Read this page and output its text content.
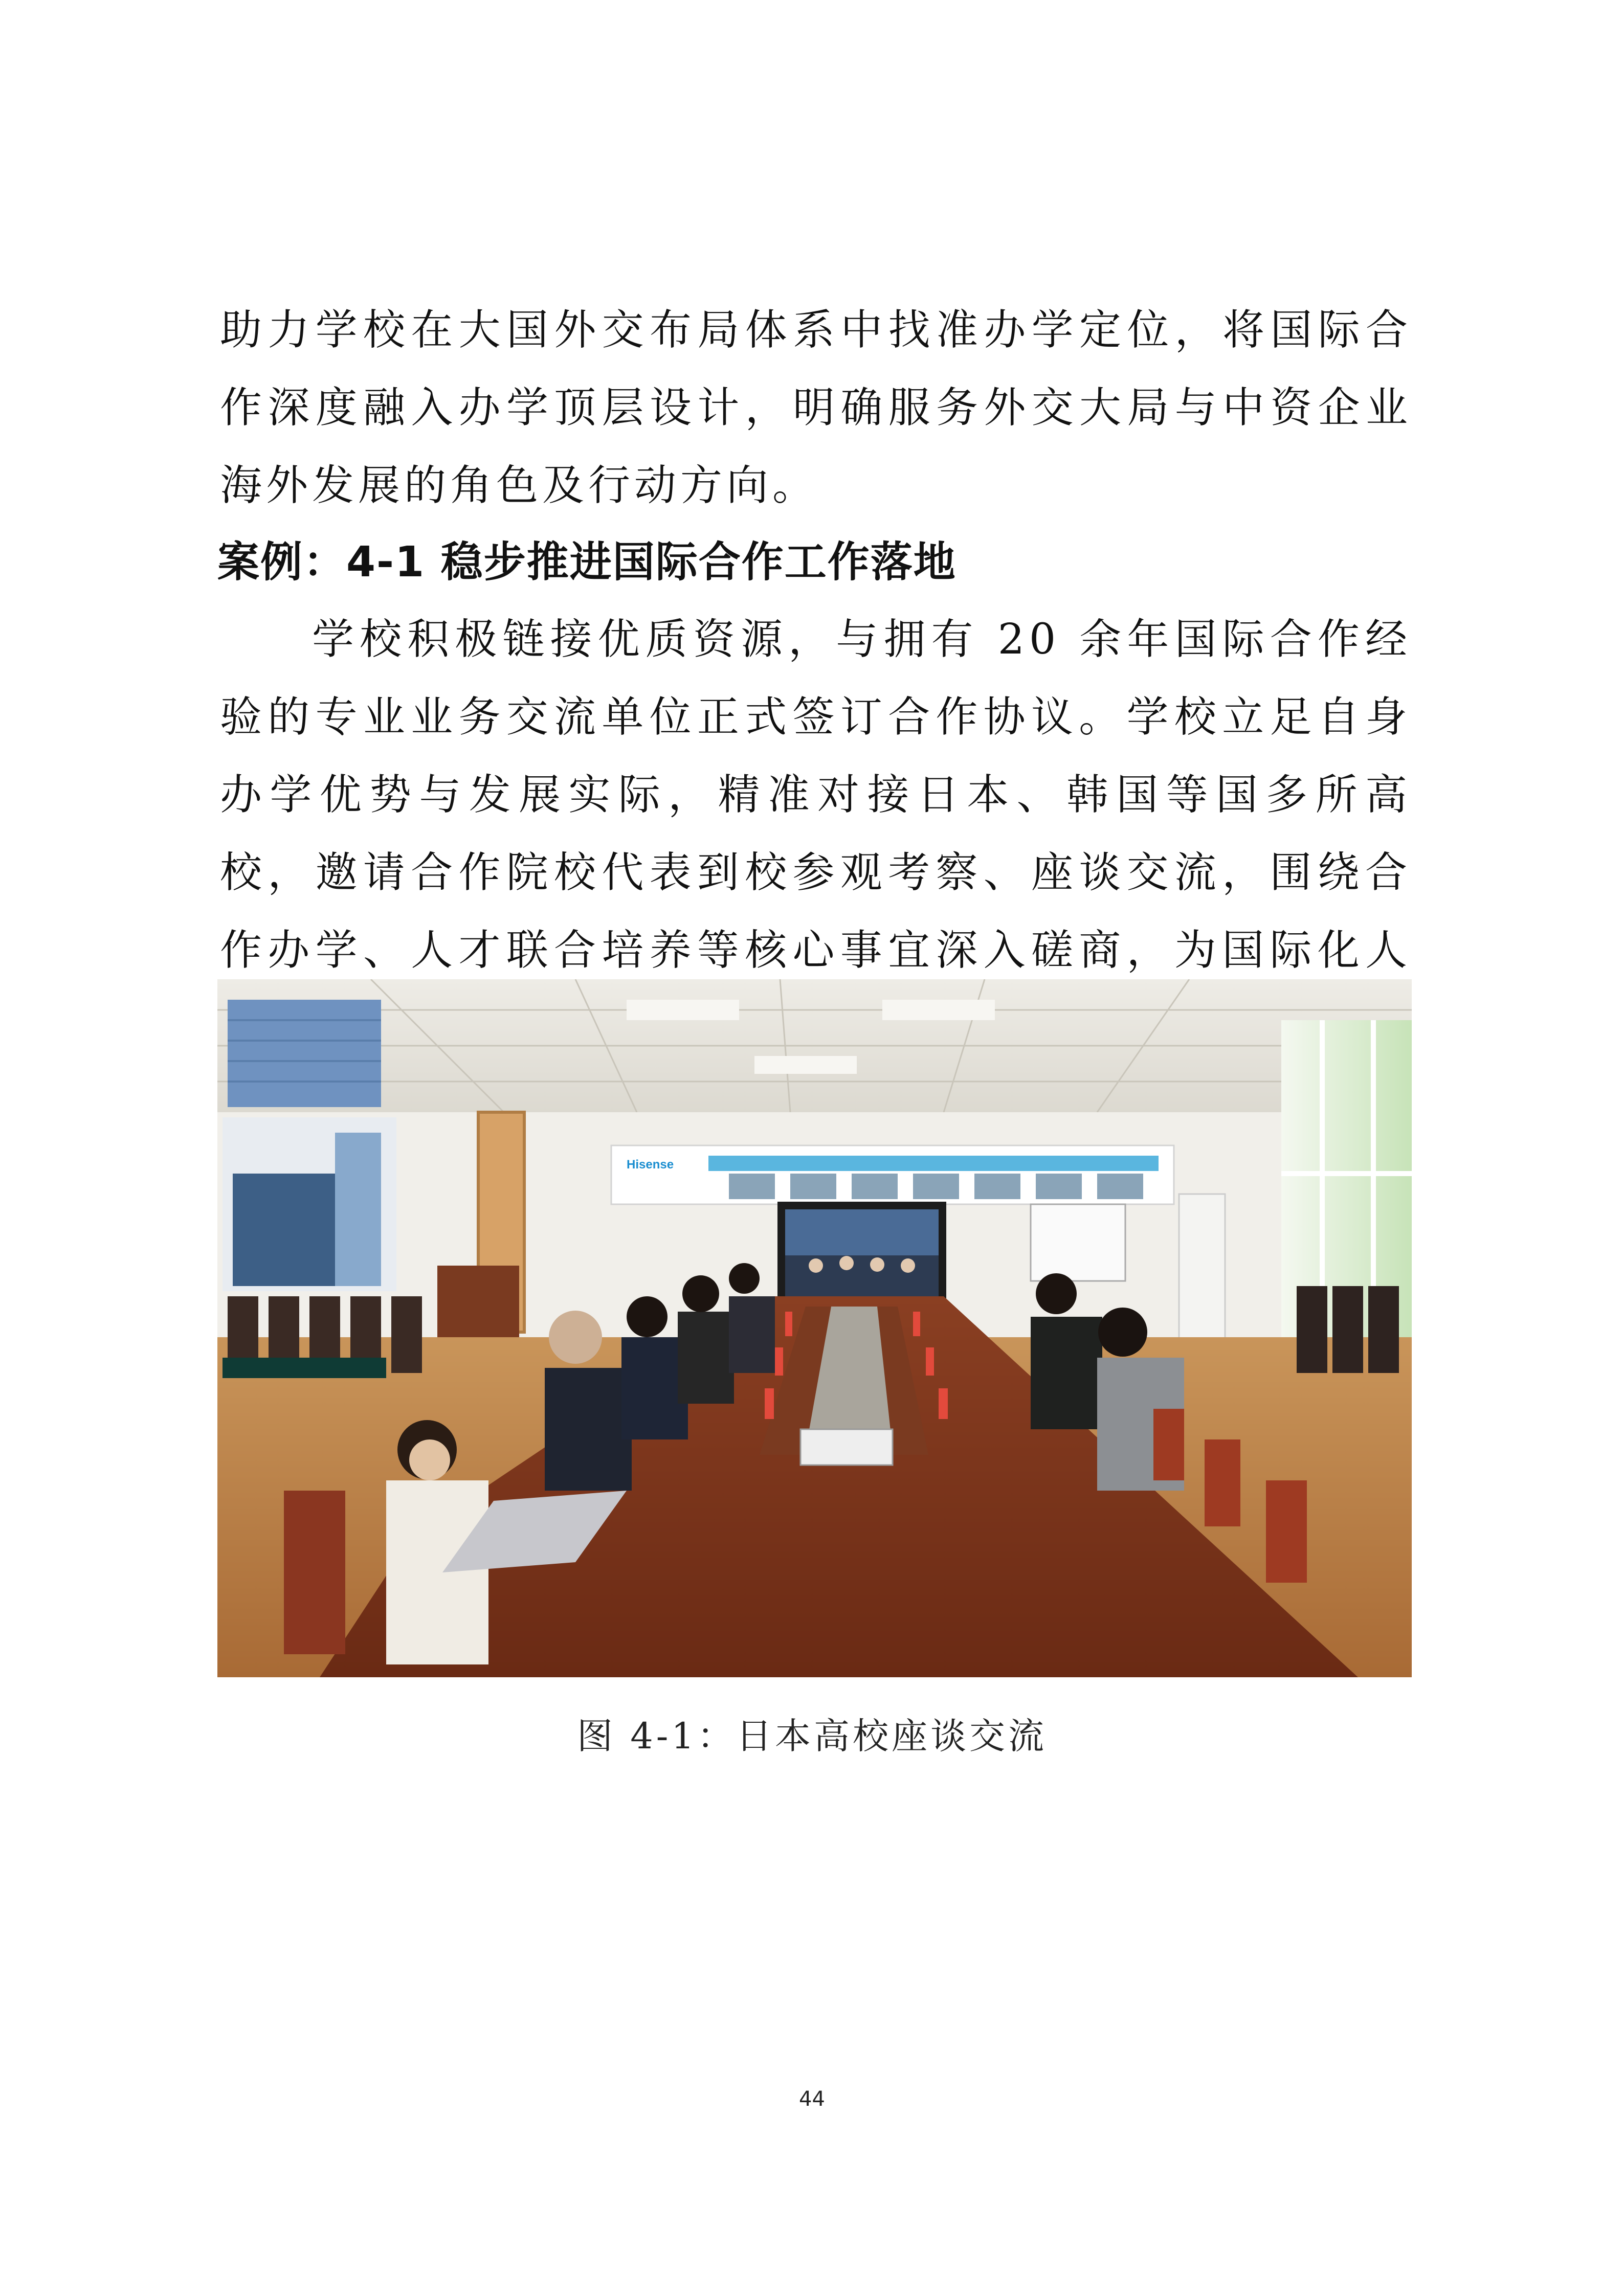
助力学校在大国外交布局体系中找准办学定位，将国际合作深度融入办学顶层设计，明确服务外交大局与中资企业海外发展的角色及行动方向。

案例：4-1 稳步推进国际合作工作落地

学校积极链接优质资源，与拥有 20 余年国际合作经验的专业业务交流单位正式签订合作协议。学校立足自身办学优势与发展实际，精准对接日本、韩国等国多所高校，邀请合作院校代表到校参观考察、座谈交流，围绕合作办学、人才联合培养等核心事宜深入磋商，为国际化人

Hisense

图 4-1：日本高校座谈交流

44
